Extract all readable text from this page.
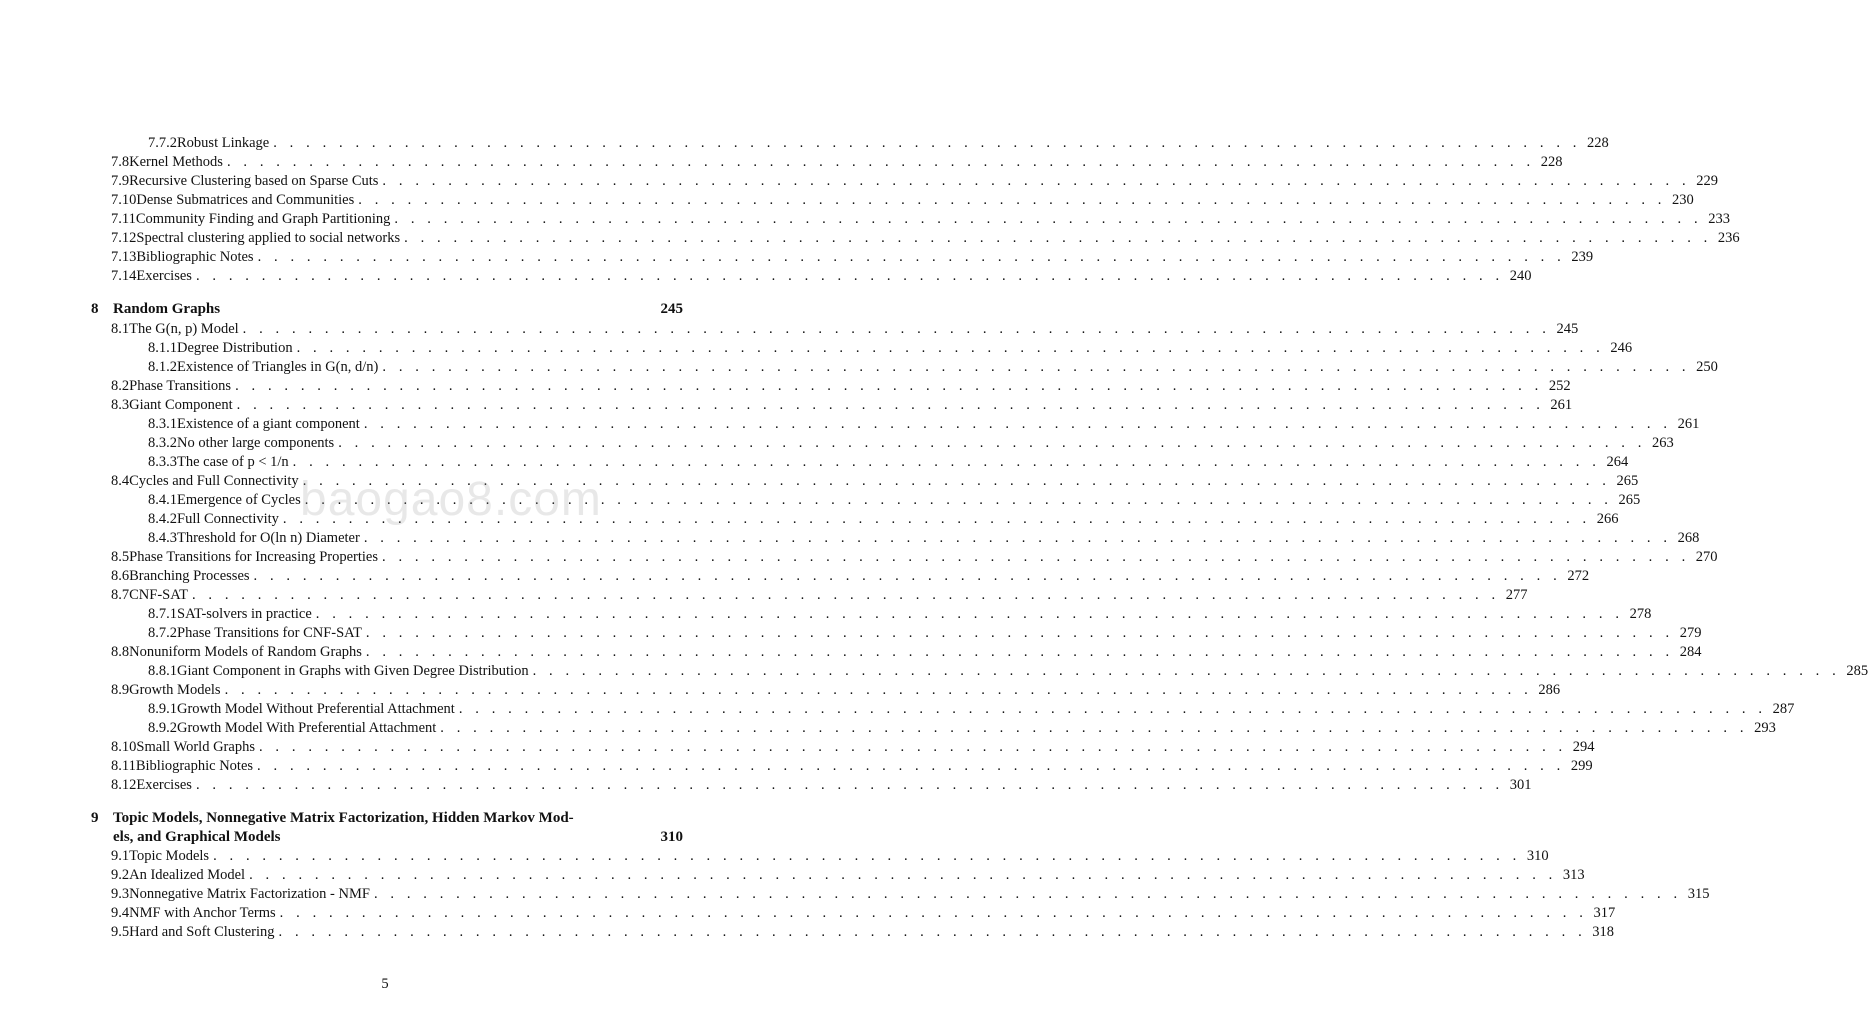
7.7.2 Robust Linkage . . . . . . . . . . . . . . . . . . . . . . . . . . . . . . . . . . . . . . . . . . . . . . . . . . . . . . . . . . . . . . . . . . . . . . . . . . . . . . . . 228
7.8 Kernel Methods . . . . . . . . . . . . . . . . . . . . . . . . . . . . . . . . . . . . . . . . . . . . . . . . . . . . . . . . . . . . . . . . . . . . . . . . . . . . . . . . 228
7.9 Recursive Clustering based on Sparse Cuts . . . . . . . . . . . . . . . . . . . . . . . . . . . . . . . . . . . . . . . . . . . . . . . . . . . . . . . . . . . . . . . . . . . . . . . . . . . . . . . . 229
7.10 Dense Submatrices and Communities . . . . . . . . . . . . . . . . . . . . . . . . . . . . . . . . . . . . . . . . . . . . . . . . . . . . . . . . . . . . . . . . . . . . . . . . . . . . . . . . 230
7.11 Community Finding and Graph Partitioning . . . . . . . . . . . . . . . . . . . . . . . . . . . . . . . . . . . . . . . . . . . . . . . . . . . . . . . . . . . . . . . . . . . . . . . . . . . . . . . . 233
7.12 Spectral clustering applied to social networks . . . . . . . . . . . . . . . . . . . . . . . . . . . . . . . . . . . . . . . . . . . . . . . . . . . . . . . . . . . . . . . . . . . . . . . . . . . . . . . . 236
7.13 Bibliographic Notes . . . . . . . . . . . . . . . . . . . . . . . . . . . . . . . . . . . . . . . . . . . . . . . . . . . . . . . . . . . . . . . . . . . . . . . . . . . . . . . . 239
7.14 Exercises . . . . . . . . . . . . . . . . . . . . . . . . . . . . . . . . . . . . . . . . . . . . . . . . . . . . . . . . . . . . . . . . . . . . . . . . . . . . . . . . 240
8 Random Graphs	245
8.1 The G(n, p) Model . . . . . . . . . . . . . . . . . . . . . . . . . . . . . . . . . . . . . . . . . . . . . . . . . . . . . . . . . . . . . . . . . . . . . . . . . . . . . . . . 245
8.1.1 Degree Distribution . . . . . . . . . . . . . . . . . . . . . . . . . . . . . . . . . . . . . . . . . . . . . . . . . . . . . . . . . . . . . . . . . . . . . . . . . . . . . . . . 246
8.1.2 Existence of Triangles in G(n, d/n) . . . . . . . . . . . . . . . . . . . . . . . . . . . . . . . . . . . . . . . . . . . . . . . . . . . . . . . . . . . . . . . . . . . . . . . . . . . . . . . . 250
8.2 Phase Transitions . . . . . . . . . . . . . . . . . . . . . . . . . . . . . . . . . . . . . . . . . . . . . . . . . . . . . . . . . . . . . . . . . . . . . . . . . . . . . . . . 252
8.3 Giant Component . . . . . . . . . . . . . . . . . . . . . . . . . . . . . . . . . . . . . . . . . . . . . . . . . . . . . . . . . . . . . . . . . . . . . . . . . . . . . . . . 261
8.3.1 Existence of a giant component . . . . . . . . . . . . . . . . . . . . . . . . . . . . . . . . . . . . . . . . . . . . . . . . . . . . . . . . . . . . . . . . . . . . . . . . . . . . . . . . 261
8.3.2 No other large components . . . . . . . . . . . . . . . . . . . . . . . . . . . . . . . . . . . . . . . . . . . . . . . . . . . . . . . . . . . . . . . . . . . . . . . . . . . . . . . . 263
8.3.3 The case of p < 1/n . . . . . . . . . . . . . . . . . . . . . . . . . . . . . . . . . . . . . . . . . . . . . . . . . . . . . . . . . . . . . . . . . . . . . . . . . . . . . . . . 264
8.4 Cycles and Full Connectivity . . . . . . . . . . . . . . . . . . . . . . . . . . . . . . . . . . . . . . . . . . . . . . . . . . . . . . . . . . . . . . . . . . . . . . . . . . . . . . . . 265
8.4.1 Emergence of Cycles . . . . . . . . . . . . . . . . . . . . . . . . . . . . . . . . . . . . . . . . . . . . . . . . . . . . . . . . . . . . . . . . . . . . . . . . . . . . . . . . 265
8.4.2 Full Connectivity . . . . . . . . . . . . . . . . . . . . . . . . . . . . . . . . . . . . . . . . . . . . . . . . . . . . . . . . . . . . . . . . . . . . . . . . . . . . . . . . 266
8.4.3 Threshold for O(ln n) Diameter . . . . . . . . . . . . . . . . . . . . . . . . . . . . . . . . . . . . . . . . . . . . . . . . . . . . . . . . . . . . . . . . . . . . . . . . . . . . . . . . 268
8.5 Phase Transitions for Increasing Properties . . . . . . . . . . . . . . . . . . . . . . . . . . . . . . . . . . . . . . . . . . . . . . . . . . . . . . . . . . . . . . . . . . . . . . . . . . . . . . . . 270
8.6 Branching Processes . . . . . . . . . . . . . . . . . . . . . . . . . . . . . . . . . . . . . . . . . . . . . . . . . . . . . . . . . . . . . . . . . . . . . . . . . . . . . . . . 272
8.7 CNF-SAT . . . . . . . . . . . . . . . . . . . . . . . . . . . . . . . . . . . . . . . . . . . . . . . . . . . . . . . . . . . . . . . . . . . . . . . . . . . . . . . . 277
8.7.1 SAT-solvers in practice . . . . . . . . . . . . . . . . . . . . . . . . . . . . . . . . . . . . . . . . . . . . . . . . . . . . . . . . . . . . . . . . . . . . . . . . . . . . . . . . 278
8.7.2 Phase Transitions for CNF-SAT . . . . . . . . . . . . . . . . . . . . . . . . . . . . . . . . . . . . . . . . . . . . . . . . . . . . . . . . . . . . . . . . . . . . . . . . . . . . . . . . 279
8.8 Nonuniform Models of Random Graphs . . . . . . . . . . . . . . . . . . . . . . . . . . . . . . . . . . . . . . . . . . . . . . . . . . . . . . . . . . . . . . . . . . . . . . . . . . . . . . . . 284
8.8.1 Giant Component in Graphs with Given Degree Distribution . . . . . . . . . . . . . . . . . . . . . . . . . . . . . . . . . . . . . . . . . . . . . . . . . . . . . . . . . . . . . . . . . . . . . . . . . . . . . . . . 285
8.9 Growth Models . . . . . . . . . . . . . . . . . . . . . . . . . . . . . . . . . . . . . . . . . . . . . . . . . . . . . . . . . . . . . . . . . . . . . . . . . . . . . . . . 286
8.9.1 Growth Model Without Preferential Attachment . . . . . . . . . . . . . . . . . . . . . . . . . . . . . . . . . . . . . . . . . . . . . . . . . . . . . . . . . . . . . . . . . . . . . . . . . . . . . . . . 287
8.9.2 Growth Model With Preferential Attachment . . . . . . . . . . . . . . . . . . . . . . . . . . . . . . . . . . . . . . . . . . . . . . . . . . . . . . . . . . . . . . . . . . . . . . . . . . . . . . . . 293
8.10 Small World Graphs . . . . . . . . . . . . . . . . . . . . . . . . . . . . . . . . . . . . . . . . . . . . . . . . . . . . . . . . . . . . . . . . . . . . . . . . . . . . . . . . 294
8.11 Bibliographic Notes . . . . . . . . . . . . . . . . . . . . . . . . . . . . . . . . . . . . . . . . . . . . . . . . . . . . . . . . . . . . . . . . . . . . . . . . . . . . . . . . 299
8.12 Exercises . . . . . . . . . . . . . . . . . . . . . . . . . . . . . . . . . . . . . . . . . . . . . . . . . . . . . . . . . . . . . . . . . . . . . . . . . . . . . . . . 301
9 Topic Models, Nonnegative Matrix Factorization, Hidden Markov Mod-
els, and Graphical Models	310
9.1 Topic Models . . . . . . . . . . . . . . . . . . . . . . . . . . . . . . . . . . . . . . . . . . . . . . . . . . . . . . . . . . . . . . . . . . . . . . . . . . . . . . . . 310
9.2 An Idealized Model . . . . . . . . . . . . . . . . . . . . . . . . . . . . . . . . . . . . . . . . . . . . . . . . . . . . . . . . . . . . . . . . . . . . . . . . . . . . . . . . 313
9.3 Nonnegative Matrix Factorization - NMF . . . . . . . . . . . . . . . . . . . . . . . . . . . . . . . . . . . . . . . . . . . . . . . . . . . . . . . . . . . . . . . . . . . . . . . . . . . . . . . . 315
9.4 NMF with Anchor Terms . . . . . . . . . . . . . . . . . . . . . . . . . . . . . . . . . . . . . . . . . . . . . . . . . . . . . . . . . . . . . . . . . . . . . . . . . . . . . . . . 317
9.5 Hard and Soft Clustering . . . . . . . . . . . . . . . . . . . . . . . . . . . . . . . . . . . . . . . . . . . . . . . . . . . . . . . . . . . . . . . . . . . . . . . . . . . . . . . . 318
baogao8.com
5
